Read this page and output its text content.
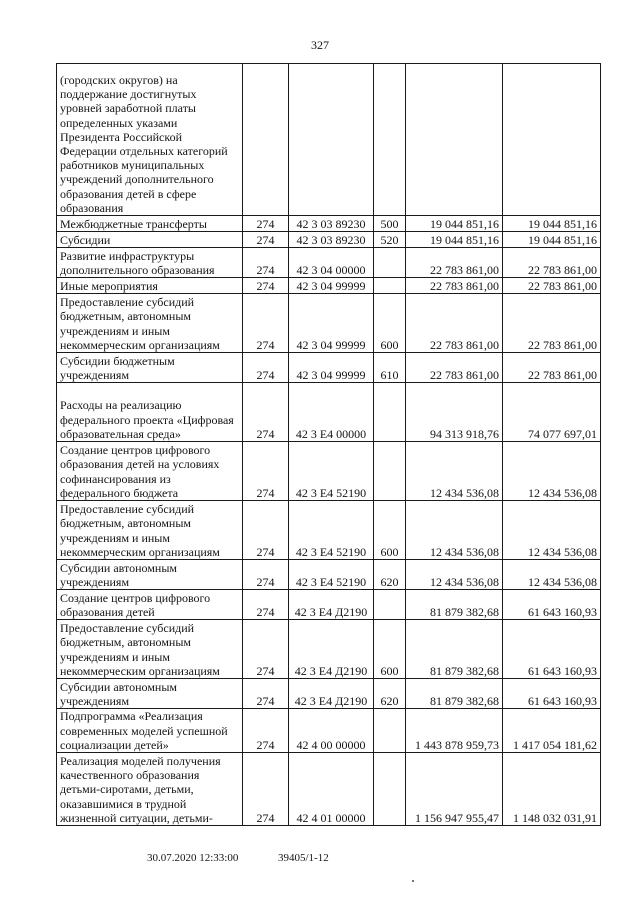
327
(городских округов) на поддержание достигнутых уровней заработной платы определенных указами Президента Российской Федерации отдельных категорий работников муниципальных учреждений дополнительного образования детей в сфере образования					
Межбюджетные трансферты	274	42 3 03 89230	500	19 044 851,16	19 044 851,16
Субсидии	274	42 3 03 89230	520	19 044 851,16	19 044 851,16
Развитие инфраструктуры дополнительного образования	274	42 3 04 00000		22 783 861,00	22 783 861,00
Иные мероприятия	274	42 3 04 99999		22 783 861,00	22 783 861,00
Предоставление субсидий бюджетным, автономным учреждениям и иным некоммерческим организациям	274	42 3 04 99999	600	22 783 861,00	22 783 861,00
Субсидии бюджетным учреждениям	274	42 3 04 99999	610	22 783 861,00	22 783 861,00
Расходы на реализацию федерального проекта «Цифровая образовательная среда»	274	42 3 Е4 00000		94 313 918,76	74 077 697,01
Создание центров цифрового образования детей на условиях софинансирования из федерального бюджета	274	42 3 Е4 52190		12 434 536,08	12 434 536,08
Предоставление субсидий бюджетным, автономным учреждениям и иным некоммерческим организациям	274	42 3 Е4 52190	600	12 434 536,08	12 434 536,08
Субсидии автономным учреждениям	274	42 3 Е4 52190	620	12 434 536,08	12 434 536,08
Создание центров цифрового образования детей	274	42 3 Е4 Д2190		81 879 382,68	61 643 160,93
Предоставление субсидий бюджетным, автономным учреждениям и иным некоммерческим организациям	274	42 3 Е4 Д2190	600	81 879 382,68	61 643 160,93
Субсидии автономным учреждениям	274	42 3 Е4 Д2190	620	81 879 382,68	61 643 160,93
Подпрограмма «Реализация современных моделей успешной социализации детей»	274	42 4 00 00000		1 443 878 959,73	1 417 054 181,62
Реализация моделей получения качественного образования детьми-сиротами, детьми, оказавшимися в трудной жизненной ситуации, детьми-	274	42 4 01 00000		1 156 947 955,47	1 148 032 031,91
30.07.2020 12:33:00	39405/1-12
